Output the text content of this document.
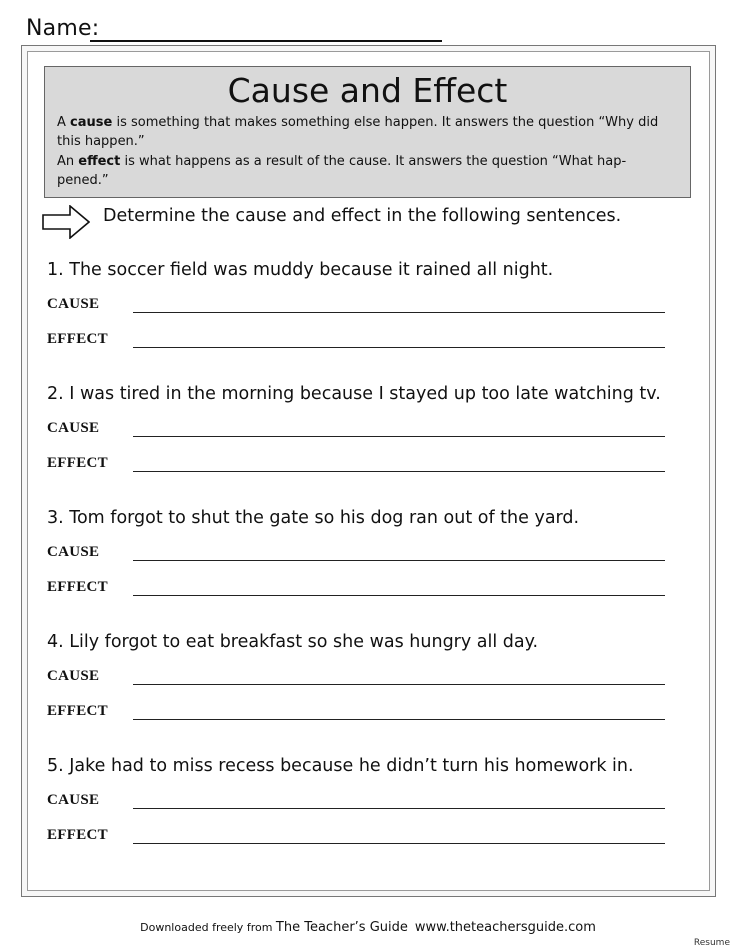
Name:
Cause and Effect
A cause is something that makes something else happen. It answers the question “Why did this happen.”
An effect is what happens as a result of the cause. It answers the question “What hap-pened.”
Determine the cause and effect in the following sentences.
1. The soccer field was muddy because it rained all night.
CAUSE
EFFECT
2. I was tired in the morning because I stayed up too late watching tv.
CAUSE
EFFECT
3. Tom forgot to shut the gate so his dog ran out of the yard.
CAUSE
EFFECT
4. Lily forgot to eat breakfast so she was hungry all day.
CAUSE
EFFECT
5. Jake had to miss recess because he didn’t turn his homework in.
CAUSE
EFFECT
Downloaded freely from The Teacher’s Guide www.theteachersguide.com
Resume
